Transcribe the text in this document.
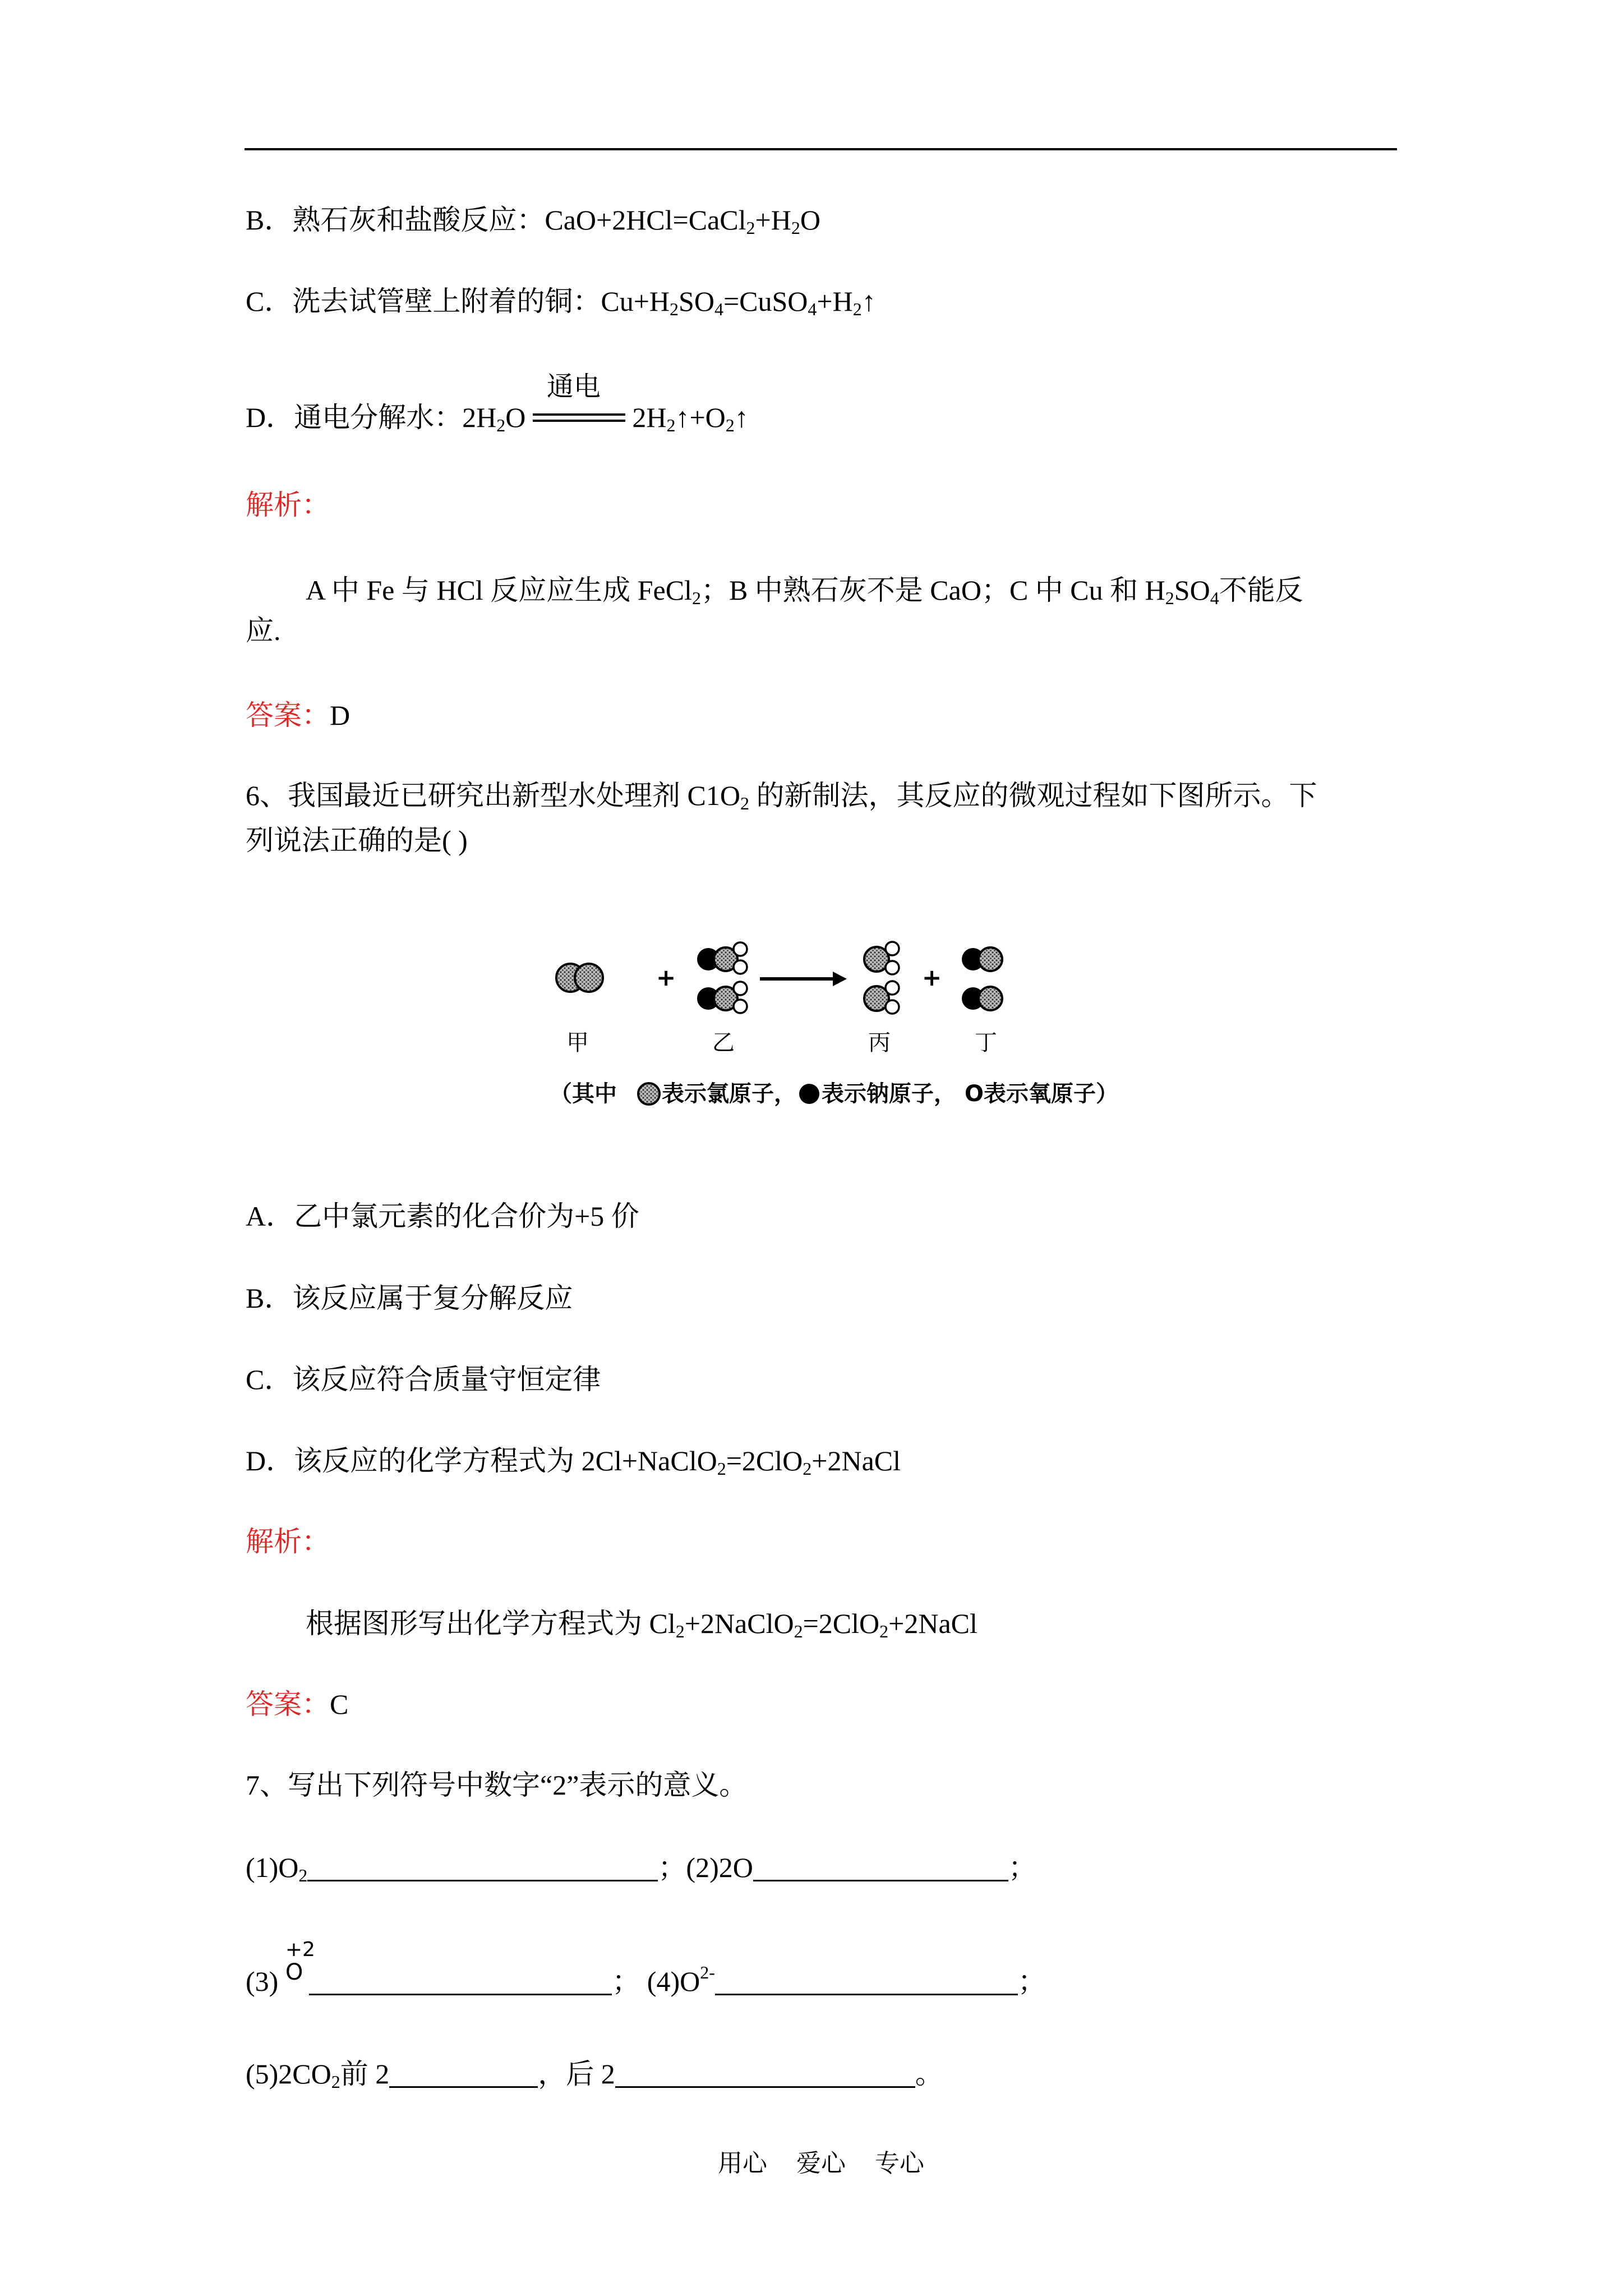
B．熟石灰和盐酸反应：$CaO+2HCl=CaCl_2+H_2O$
C．洗去试管壁上附着的铜：$Cu+H_2SO_4=CuSO_4+H_2↑$
D．通电分解水：$2H_2O$
通电
$2H_2↑+O_2↑$
解析：
A 中 Fe 与 HCl 反应应生成 FeCl$_2$；B 中熟石灰不是 CaO；C 中 Cu 和 $H_2SO_4$不能反
应.
答案：D
6、我国最近已研究出新型水处理剂 $C1O_2$ 的新制法，其反应的微观过程如下图所示。下
列说法正确的是( )
+	+
甲	乙	丙	丁
（其中 表示氯原子， 表示钠原子， O表示氧原子）
A．乙中氯元素的化合价为+5 价
B．该反应属于复分解反应
C．该反应符合质量守恒定律
D．该反应的化学方程式为 2Cl+NaClO$_2$=2ClO$_2$+2NaCl
解析：
根据图形写出化学方程式为 $Cl_2+2NaClO_2=2ClO_2+2NaCl$
答案：C
7、写出下列符号中数字“2”表示的意义。
$(1)O_2$	；(2)2O	；
(3)
+2
$^O$	； $(4)O^{2-}$	；
$(5)2CO_2$前 2	，后 2	。
用心 爱心 专心
